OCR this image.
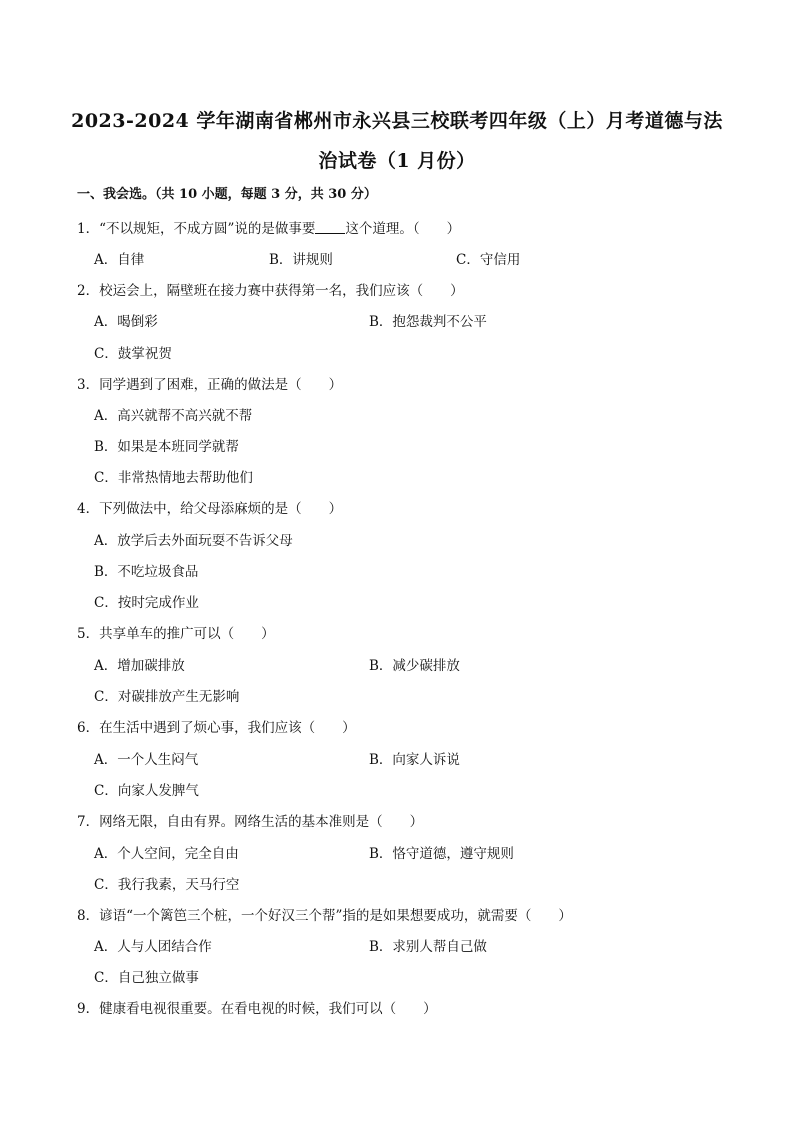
2023-2024 学年湖南省郴州市永兴县三校联考四年级（上）月考道德与法
治试卷（1 月份）
一、我会选。（共 10 小题，每题 3 分，共 30 分）
1．“不以规矩，不成方圆”说的是做事要 这个道理。（　　）
A．自律	B．讲规则	C．守信用
2．校运会上，隔壁班在接力赛中获得第一名，我们应该（　　）
A．喝倒彩	B．抱怨裁判不公平
C．鼓掌祝贺
3．同学遇到了困难，正确的做法是（　　）
A．高兴就帮不高兴就不帮
B．如果是本班同学就帮
C．非常热情地去帮助他们
4．下列做法中，给父母添麻烦的是（　　）
A．放学后去外面玩耍不告诉父母
B．不吃垃圾食品
C．按时完成作业
5．共享单车的推广可以（　　）
A．增加碳排放	B．减少碳排放
C．对碳排放产生无影响
6．在生活中遇到了烦心事，我们应该（　　）
A．一个人生闷气	B．向家人诉说
C．向家人发脾气
7．网络无限，自由有界。网络生活的基本准则是（　　）
A．个人空间，完全自由	B．恪守道德，遵守规则
C．我行我素，天马行空
8．谚语“一个篱笆三个桩，一个好汉三个帮”指的是如果想要成功，就需要（　　）
A．人与人团结合作	B．求别人帮自己做
C．自己独立做事
9．健康看电视很重要。在看电视的时候，我们可以（　　）
